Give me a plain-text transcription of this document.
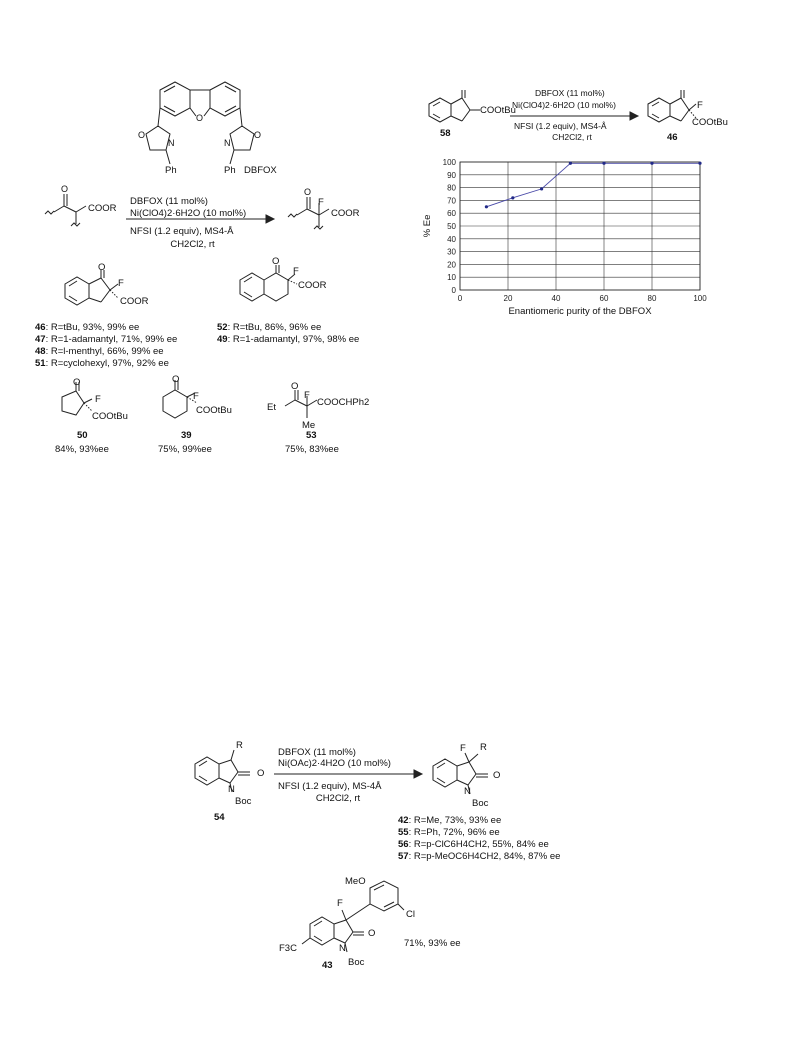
O
O
N
O
N
Ph	Ph DBFOX
O
COOR
DBFOX (11 mol%)
Ni(ClO4)2·6H2O (10 mol%)
NFSI (1.2 equiv), MS4-Å
CH2Cl2, rt
O
F
COOR
O
F
COOR
O
F
COOR
46: R=tBu, 93%, 99% ee
47: R=1-adamantyl, 71%, 99% ee
48: R=l-menthyl, 66%, 99% ee
51: R=cyclohexyl, 97%, 92% ee
52: R=tBu, 86%, 96% ee
49: R=1-adamantyl, 97%, 98% ee
O
F
COOtBu
50
84%, 93%ee
O
F
COOtBu
39
75%, 99%ee
Et
O
F
COOCHPh2
Me
53
75%, 83%ee
COOtBu
58
DBFOX (11 mol%)
Ni(ClO4)2·6H2O (10 mol%)
NFSI (1.2 equiv), MS4-Å
CH2Cl2, rt
F
COOtBu
46
0
10
20
30
40
50
60
70
80
90
100
0	20	40	60	80	100
Enantiomeric purity of the DBFOX
% Ee
R
O
N
Boc
54
DBFOX (11 mol%)
Ni(OAc)2·4H2O (10 mol%)
NFSI (1.2 equiv), MS-4Å
CH2Cl2, rt
F R
O
N
Boc
42: R=Me, 73%, 93% ee
55: R=Ph, 72%, 96% ee
56: R=p-ClC6H4CH2, 55%, 84% ee
57: R=p-MeOC6H4CH2, 84%, 87% ee
MeO
F
Cl
O
N
F3C
Boc
43
71%, 93% ee
